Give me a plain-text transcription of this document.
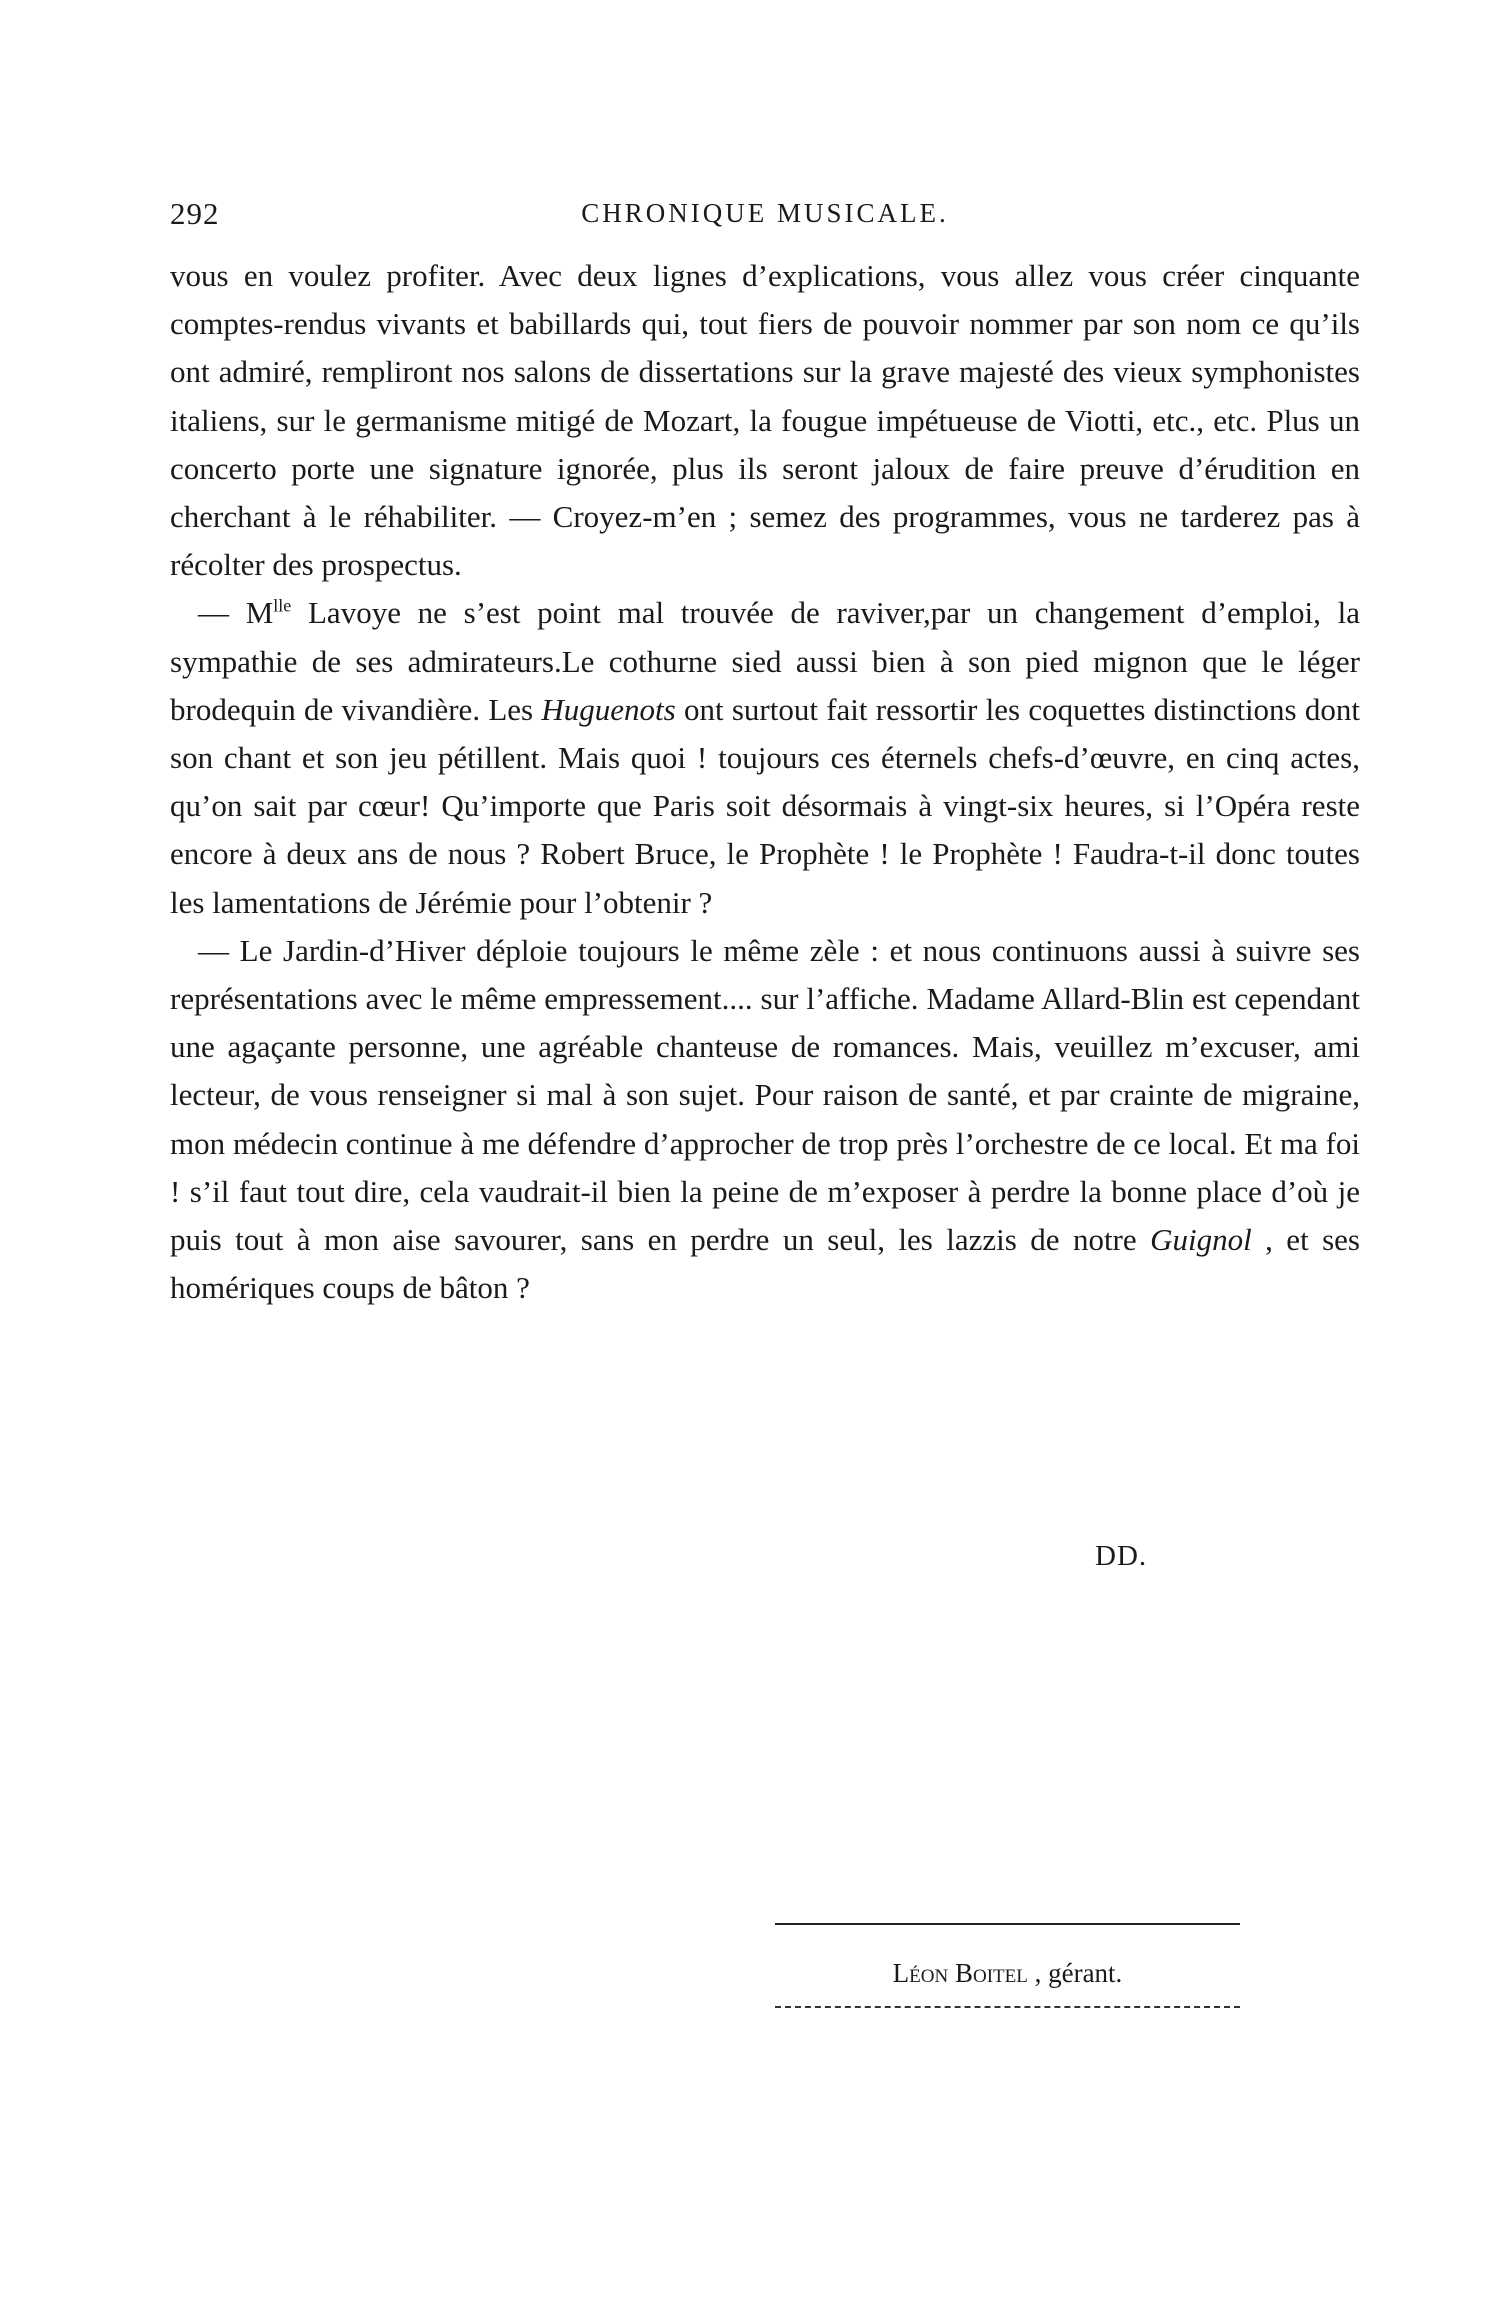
292	CHRONIQUE MUSICALE.

vous en voulez profiter. Avec deux lignes d’explications, vous allez vous créer cinquante comptes-rendus vivants et babillards qui, tout fiers de pouvoir nommer par son nom ce qu’ils ont admiré, rempliront nos salons de dissertations sur la grave majesté des vieux symphonistes italiens, sur le germanisme mitigé de Mozart, la fougue impétueuse de Viotti, etc., etc. Plus un concerto porte une signature ignorée, plus ils seront jaloux de faire preuve d’érudition en cherchant à le réhabiliter. — Croyez-m’en ; semez des programmes, vous ne tarderez pas à récolter des prospectus.

— $M^{lle}$ Lavoye ne s’est point mal trouvée de raviver,par un changement d’emploi, la sympathie de ses admirateurs.Le cothurne sied aussi bien à son pied mignon que le léger brodequin de vivandière. Les Huguenots ont surtout fait ressortir les coquettes distinctions dont son chant et son jeu pétillent. Mais quoi ! toujours ces éternels chefs-d’œuvre, en cinq actes, qu’on sait par cœur! Qu’importe que Paris soit désormais à vingt-six heures, si l’Opéra reste encore à deux ans de nous ? Robert Bruce, le Prophète ! le Prophète ! Faudra-t-il donc toutes les lamentations de Jérémie pour l’obtenir ?

— Le Jardin-d’Hiver déploie toujours le même zèle : et nous continuons aussi à suivre ses représentations avec le même empressement.... sur l’affiche. Madame Allard-Blin est cependant une agaçante personne, une agréable chanteuse de romances. Mais, veuillez m’excuser, ami lecteur, de vous renseigner si mal à son sujet. Pour raison de santé, et par crainte de migraine, mon médecin continue à me défendre d’approcher de trop près l’orchestre de ce local. Et ma foi ! s’il faut tout dire, cela vaudrait-il bien la peine de m’exposer à perdre la bonne place d’où je puis tout à mon aise savourer, sans en perdre un seul, les lazzis de notre Guignol , et ses homériques coups de bâton ?

DD.
Léon Boitel , gérant.
